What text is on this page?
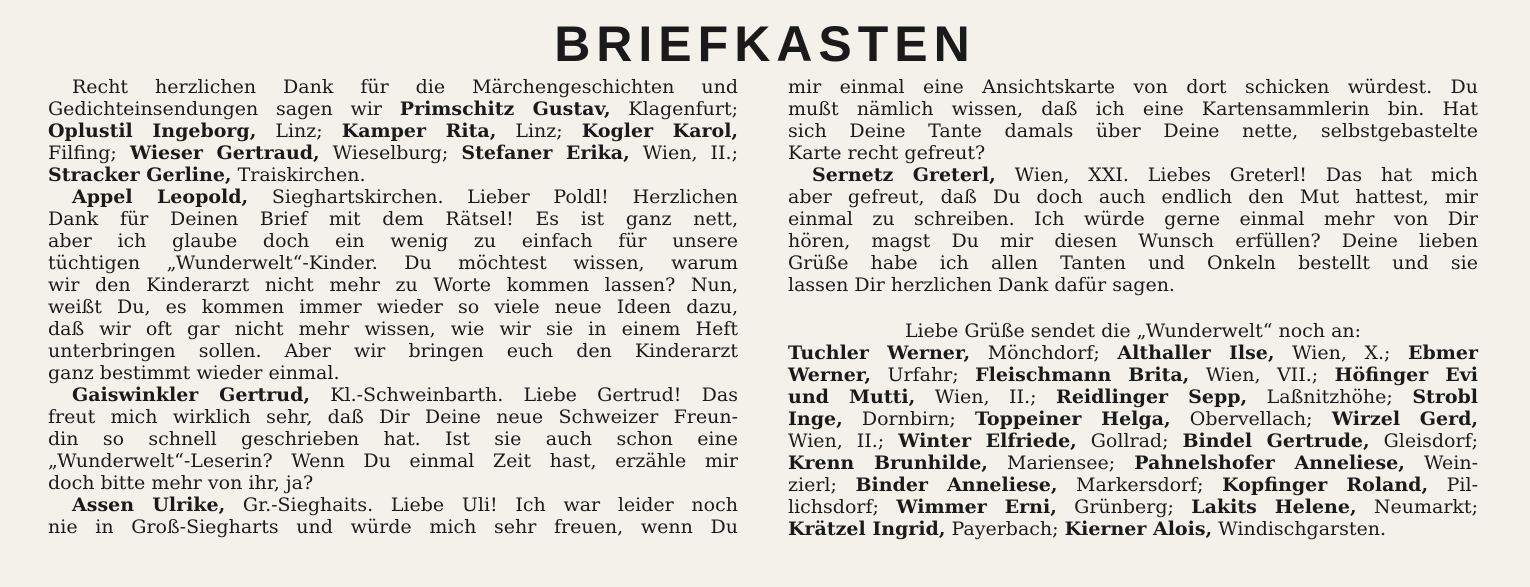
BRIEFKASTEN
Recht herzlichen Dank für die Märchengeschichten und
Gedichteinsendungen sagen wir Primschitz Gustav, Klagenfurt;
Oplustil Ingeborg, Linz; Kamper Rita, Linz; Kogler Karol,
Filfing; Wieser Gertraud, Wieselburg; Stefaner Erika, Wien, II.;
Stracker Gerline, Traiskirchen.
Appel Leopold, Sieghartskirchen. Lieber Poldl! Herzlichen
Dank für Deinen Brief mit dem Rätsel! Es ist ganz nett,
aber ich glaube doch ein wenig zu einfach für unsere
tüchtigen „Wunderwelt“-Kinder. Du möchtest wissen, warum
wir den Kinderarzt nicht mehr zu Worte kommen lassen? Nun,
weißt Du, es kommen immer wieder so viele neue Ideen dazu,
daß wir oft gar nicht mehr wissen, wie wir sie in einem Heft
unterbringen sollen. Aber wir bringen euch den Kinderarzt
ganz bestimmt wieder einmal.
Gaiswinkler Gertrud, Kl.-Schweinbarth. Liebe Gertrud! Das
freut mich wirklich sehr, daß Dir Deine neue Schweizer Freun-
din so schnell geschrieben hat. Ist sie auch schon eine
„Wunderwelt“-Leserin? Wenn Du einmal Zeit hast, erzähle mir
doch bitte mehr von ihr, ja?
Assen Ulrike, Gr.-Sieghaits. Liebe Uli! Ich war leider noch
nie in Groß-Siegharts und würde mich sehr freuen, wenn Du
mir einmal eine Ansichtskarte von dort schicken würdest. Du
mußt nämlich wissen, daß ich eine Kartensammlerin bin. Hat
sich Deine Tante damals über Deine nette, selbstgebastelte
Karte recht gefreut?
Sernetz Greterl, Wien, XXI. Liebes Greterl! Das hat mich
aber gefreut, daß Du doch auch endlich den Mut hattest, mir
einmal zu schreiben. Ich würde gerne einmal mehr von Dir
hören, magst Du mir diesen Wunsch erfüllen? Deine lieben
Grüße habe ich allen Tanten und Onkeln bestellt und sie
lassen Dir herzlichen Dank dafür sagen.
Liebe Grüße sendet die „Wunderwelt“ noch an:
Tuchler Werner, Mönchdorf; Althaller Ilse, Wien, X.; Ebmer
Werner, Urfahr; Fleischmann Brita, Wien, VII.; Höfinger Evi
und Mutti, Wien, II.; Reidlinger Sepp, Laßnitzhöhe; Strobl
Inge, Dornbirn; Toppeiner Helga, Obervellach; Wirzel Gerd,
Wien, II.; Winter Elfriede, Gollrad; Bindel Gertrude, Gleisdorf;
Krenn Brunhilde, Mariensee; Pahnelshofer Anneliese, Wein-
zierl; Binder Anneliese, Markersdorf; Kopfinger Roland, Pil-
lichsdorf; Wimmer Erni, Grünberg; Lakits Helene, Neumarkt;
Krätzel Ingrid, Payerbach; Kierner Alois, Windischgarsten.
